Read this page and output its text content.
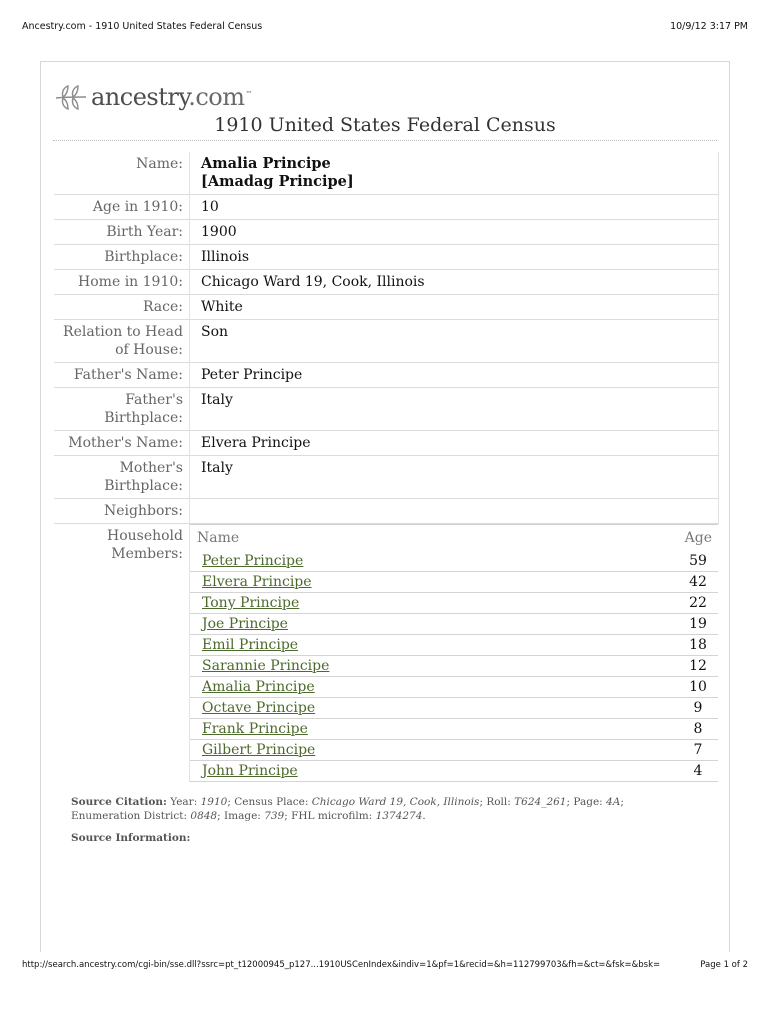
Ancestry.com - 1910 United States Federal Census	10/9/12 3:17 PM
ancestry.com™
1910 United States Federal Census
Name:	Amalia Principe
[Amadag Principe]
Age in 1910:	10
Birth Year:	1900
Birthplace:	Illinois
Home in 1910:	Chicago Ward 19, Cook, Illinois
Race:	White
Relation to Head
of House:
Son
Father's Name:	Peter Principe
Father's
Birthplace:
Italy
Mother's Name:	Elvera Principe
Mother's
Birthplace:
Italy
Neighbors:
Household
Members:
Name	Age
Peter Principe	59
Elvera Principe	42
Tony Principe	22
Joe Principe	19
Emil Principe	18
Sarannie Principe	12
Amalia Principe	10
Octave Principe	9
Frank Principe	8
Gilbert Principe	7
John Principe	4
Source Citation: Year: 1910; Census Place: Chicago Ward 19, Cook, Illinois; Roll: T624_261; Page: 4A; Enumeration District: 0848; Image: 739; FHL microfilm: 1374274.
Source Information:
http://search.ancestry.com/cgi-bin/sse.dll?ssrc=pt_t12000945_p127...1910USCenIndex&indiv=1&pf=1&recid=&h=112799703&fh=&ct=&fsk=&bsk=	Page 1 of 2
